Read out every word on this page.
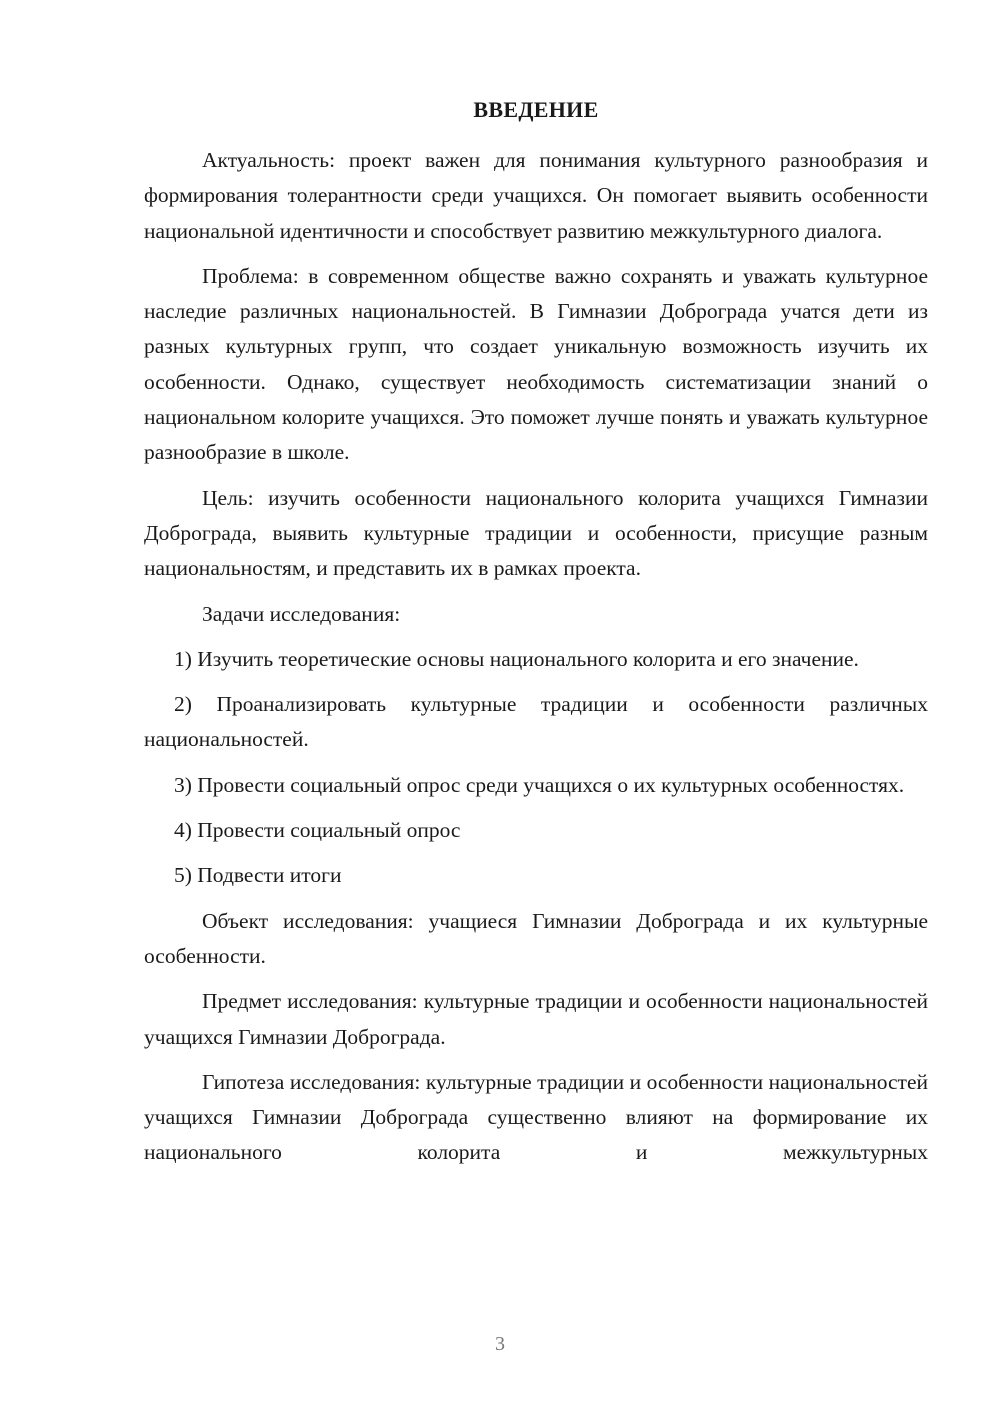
ВВЕДЕНИЕ

Актуальность: проект важен для понимания культурного разнообразия и формирования толерантности среди учащихся. Он помогает выявить особенности национальной идентичности и способствует развитию межкультурного диалога.

Проблема: в современном обществе важно сохранять и уважать культурное наследие различных национальностей. В Гимназии Доброграда учатся дети из разных культурных групп, что создает уникальную возможность изучить их особенности. Однако, существует необходимость систематизации знаний о национальном колорите учащихся. Это поможет лучше понять и уважать культурное разнообразие в школе.

Цель: изучить особенности национального колорита учащихся Гимназии Доброграда, выявить культурные традиции и особенности, присущие разным национальностям, и представить их в рамках проекта.

Задачи исследования:

1) Изучить теоретические основы национального колорита и его значение.

2) Проанализировать культурные традиции и особенности различных национальностей.

3) Провести социальный опрос среди учащихся о их культурных особенностях.

4) Провести социальный опрос

5) Подвести итоги

Объект исследования: учащиеся Гимназии Доброграда и их культурные особенности.

Предмет исследования: культурные традиции и особенности национальностей учащихся Гимназии Доброграда.

Гипотеза исследования: культурные традиции и особенности национальностей учащихся Гимназии Доброграда существенно влияют на формирование их национального колорита и межкультурных

3
